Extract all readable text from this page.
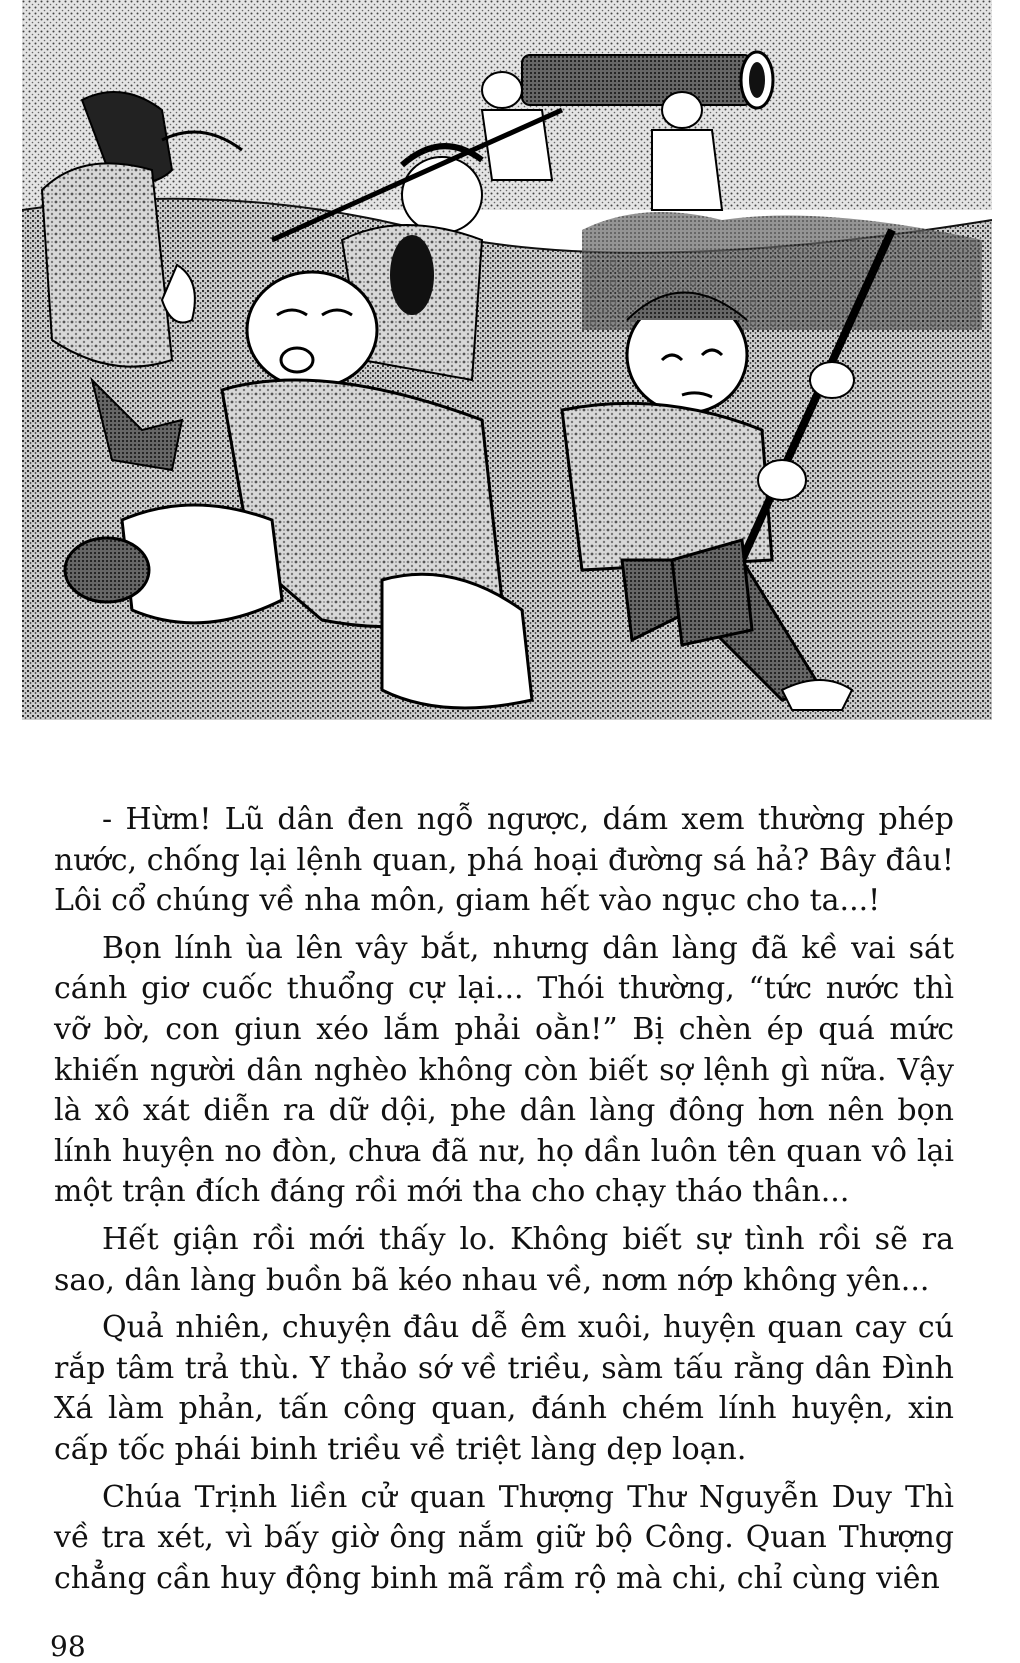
- Hừm! Lũ dân đen ngỗ ngược, dám xem thường phép nước, chống lại lệnh quan, phá hoại đường sá hả? Bây đâu! Lôi cổ chúng về nha môn, giam hết vào ngục cho ta...!

Bọn lính ùa lên vây bắt, nhưng dân làng đã kề vai sát cánh giơ cuốc thuổng cự lại... Thói thường, “tức nước thì vỡ bờ, con giun xéo lắm phải oằn!” Bị chèn ép quá mức khiến người dân nghèo không còn biết sợ lệnh gì nữa. Vậy là xô xát diễn ra dữ dội, phe dân làng đông hơn nên bọn lính huyện no đòn, chưa đã nư, họ dần luôn tên quan vô lại một trận đích đáng rồi mới tha cho chạy tháo thân...

Hết giận rồi mới thấy lo. Không biết sự tình rồi sẽ ra sao, dân làng buồn bã kéo nhau về, nơm nớp không yên...

Quả nhiên, chuyện đâu dễ êm xuôi, huyện quan cay cú rắp tâm trả thù. Y thảo sớ về triều, sàm tấu rằng dân Đình Xá làm phản, tấn công quan, đánh chém lính huyện, xin cấp tốc phái binh triều về triệt làng dẹp loạn.

Chúa Trịnh liền cử quan Thượng Thư Nguyễn Duy Thì về tra xét, vì bấy giờ ông nắm giữ bộ Công. Quan Thượng chẳng cần huy động binh mã rầm rộ mà chi, chỉ cùng viên

98
